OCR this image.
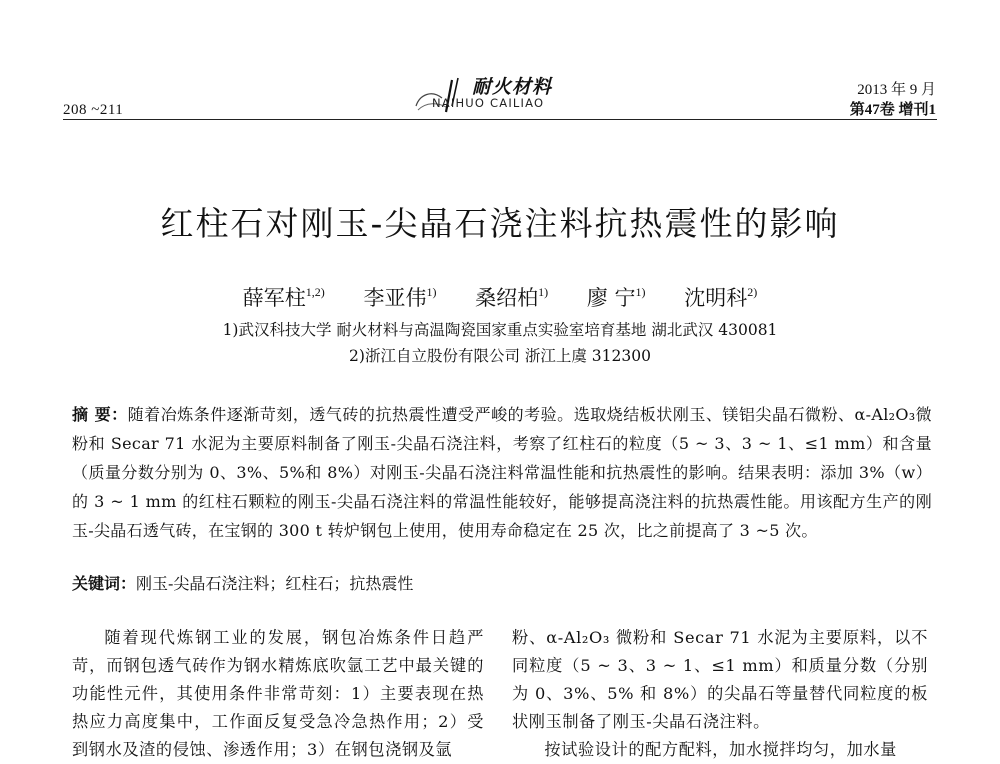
208 ~211
耐火材料
NAIHUO CAILIAO
2013 年 9 月
第47卷 增刊1
红柱石对刚玉-尖晶石浇注料抗热震性的影响
薛军柱$^{1,2)}$ 李亚伟$^{1)}$ 桑绍柏$^{1)}$ 廖 宁$^{1)}$ 沈明科$^{2)}$
1)武汉科技大学 耐火材料与高温陶瓷国家重点实验室培育基地 湖北武汉 430081
2)浙江自立股份有限公司 浙江上虞 312300
摘 要：随着冶炼条件逐渐苛刻，透气砖的抗热震性遭受严峻的考验。选取烧结板状刚玉、镁铝尖晶石微粉、α-Al₂O₃微粉和 Secar 71 水泥为主要原料制备了刚玉-尖晶石浇注料，考察了红柱石的粒度（5 ~ 3、3 ~ 1、≤1 mm）和含量（质量分数分别为 0、3%、5%和 8%）对刚玉-尖晶石浇注料常温性能和抗热震性的影响。结果表明：添加 3%（w）的 3 ~ 1 mm 的红柱石颗粒的刚玉-尖晶石浇注料的常温性能较好，能够提高浇注料的抗热震性能。用该配方生产的刚玉-尖晶石透气砖，在宝钢的 300 t 转炉钢包上使用，使用寿命稳定在 25 次，比之前提高了 3 ~5 次。
关键词：刚玉-尖晶石浇注料；红柱石；抗热震性

随着现代炼钢工业的发展，钢包冶炼条件日趋严苛，而钢包透气砖作为钢水精炼底吹氩工艺中最关键的功能性元件，其使用条件非常苛刻：1）主要表现在热热应力高度集中，工作面反复受急冷急热作用；2）受到钢水及渣的侵蚀、渗透作用；3）在钢包浇钢及氩

粉、α-Al₂O₃ 微粉和 Secar 71 水泥为主要原料，以不同粒度（5 ~ 3、3 ~ 1、≤1 mm）和质量分数（分别为 0、3%、5% 和 8%）的尖晶石等量替代同粒度的板状刚玉制备了刚玉-尖晶石浇注料。

按试验设计的配方配料，加水搅拌均匀，加水量
